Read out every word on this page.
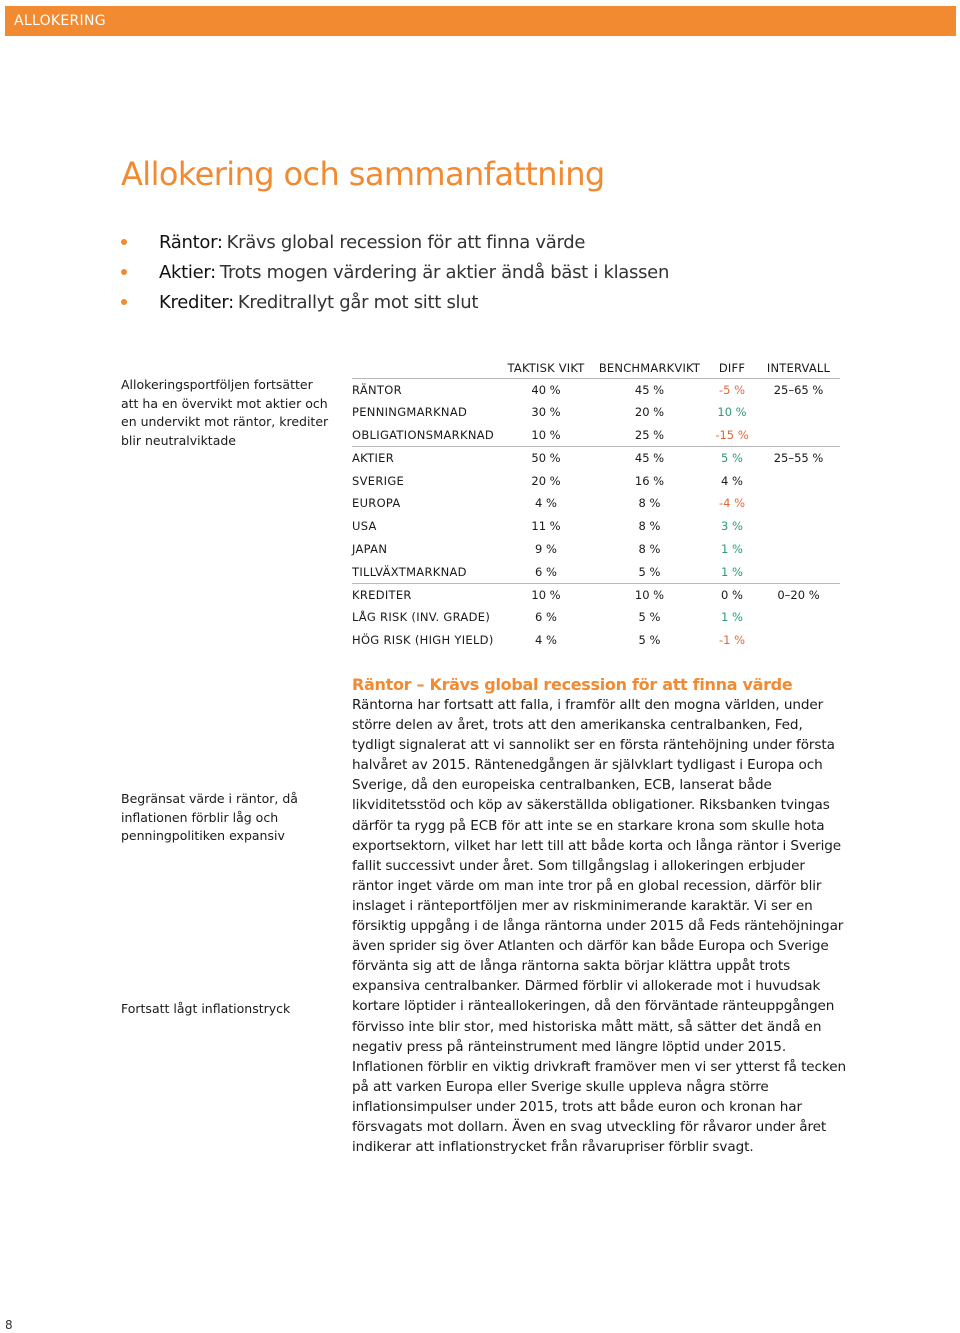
ALLOKERING
Allokering och sammanfattning
Räntor: Krävs global recession för att finna värde
Aktier: Trots mogen värdering är aktier ändå bäst i klassen
Krediter: Kreditrallyt går mot sitt slut

Allokeringsportföljen fortsätter att ha en övervikt mot aktier och en undervikt mot räntor, krediter blir neutralviktade

Begränsat värde i räntor, då inflationen förblir låg och penningpolitiken expansiv

Fortsatt lågt inflationstryck

	TAKTISK VIKT	BENCHMARKVIKT	DIFF	INTERVALL
RÄNTOR	40 %	45 %	-5 %	25–65 %
PENNINGMARKNAD	30 %	20 %	10 %	
OBLIGATIONSMARKNAD	10 %	25 %	-15 %	
AKTIER	50 %	45 %	5 %	25–55 %
SVERIGE	20 %	16 %	4 %	
EUROPA	4 %	8 %	-4 %	
USA	11 %	8 %	3 %	
JAPAN	9 %	8 %	1 %	
TILLVÄXTMARKNAD	6 %	5 %	1 %	
KREDITER	10 %	10 %	0 %	0–20 %
LÅG RISK (INV. GRADE)	6 %	5 %	1 %	
HÖG RISK (HIGH YIELD)	4 %	5 %	-1 %	
Räntor – Krävs global recession för att finna värde

Räntorna har fortsatt att falla, i framför allt den mogna världen, under större delen av året, trots att den amerikanska centralbanken, Fed, tydligt signalerat att vi sannolikt ser en första räntehöjning under första halvåret av 2015. Räntenedgången är självklart tydligast i Europa och Sverige, då den europeiska centralbanken, ECB, lanserat både likviditetsstöd och köp av säkerställda obligationer. Riksbanken tvingas därför ta rygg på ECB för att inte se en starkare krona som skulle hota exportsektorn, vilket har lett till att både korta och långa räntor i Sverige fallit successivt under året. Som tillgångslag i allokeringen erbjuder räntor inget värde om man inte tror på en global recession, därför blir inslaget i ränteportföljen mer av riskminimerande karaktär. Vi ser en försiktig uppgång i de långa räntorna under 2015 då Feds räntehöjningar även sprider sig över Atlanten och därför kan både Europa och Sverige förvänta sig att de långa räntorna sakta börjar klättra uppåt trots expansiva centralbanker. Därmed förblir vi allokerade mot i huvudsak kortare löptider i ränteallokeringen, då den förväntade ränteuppgången förvisso inte blir stor, med historiska mått mätt, så sätter det ändå en negativ press på ränteinstrument med längre löptid under 2015. Inflationen förblir en viktig drivkraft framöver men vi ser ytterst få tecken på att varken Europa eller Sverige skulle uppleva några större inflationsimpulser under 2015, trots att både euron och kronan har försvagats mot dollarn. Även en svag utveckling för råvaror under året indikerar att inflationstrycket från råvarupriser förblir svagt.

8
